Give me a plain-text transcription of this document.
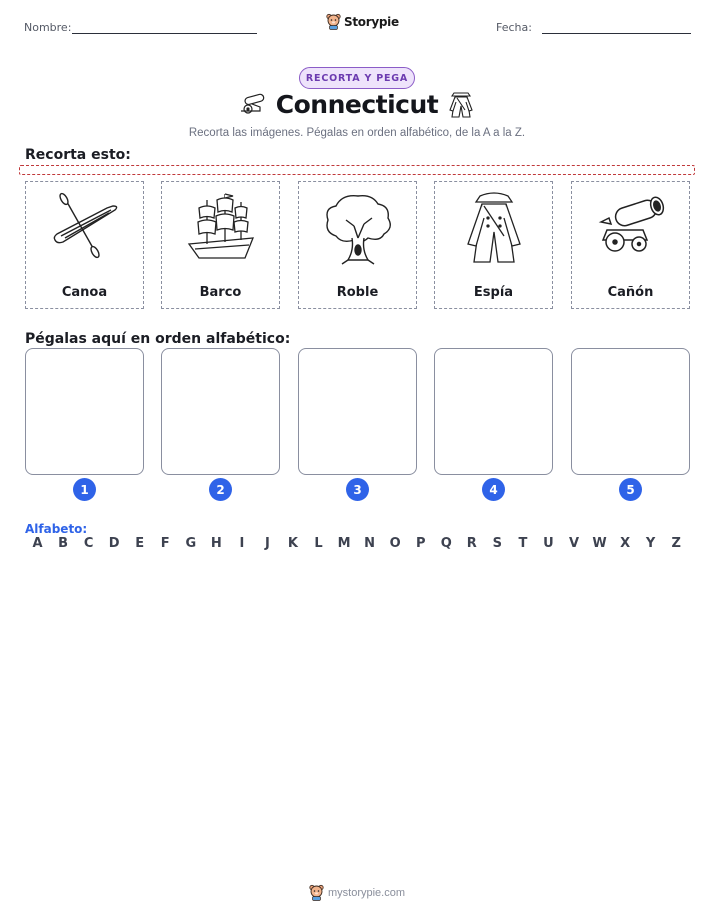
Nombre:	Storypie	Fecha:
RECORTA Y PEGA
Connecticut
Recorta las imágenes. Pégalas en orden alfabético, de la A a la Z.
Recorta esto:
Canoa	Barco	Roble	Espía	Cañón
Pégalas aquí en orden alfabético:
1	2	3	4	5
Alfabeto:
A	B	C	D	E	F	G	H	I	J	K	L	M	N	O	P	Q	R	S	T	U	V	W	X	Y	Z
mystorypie.com
